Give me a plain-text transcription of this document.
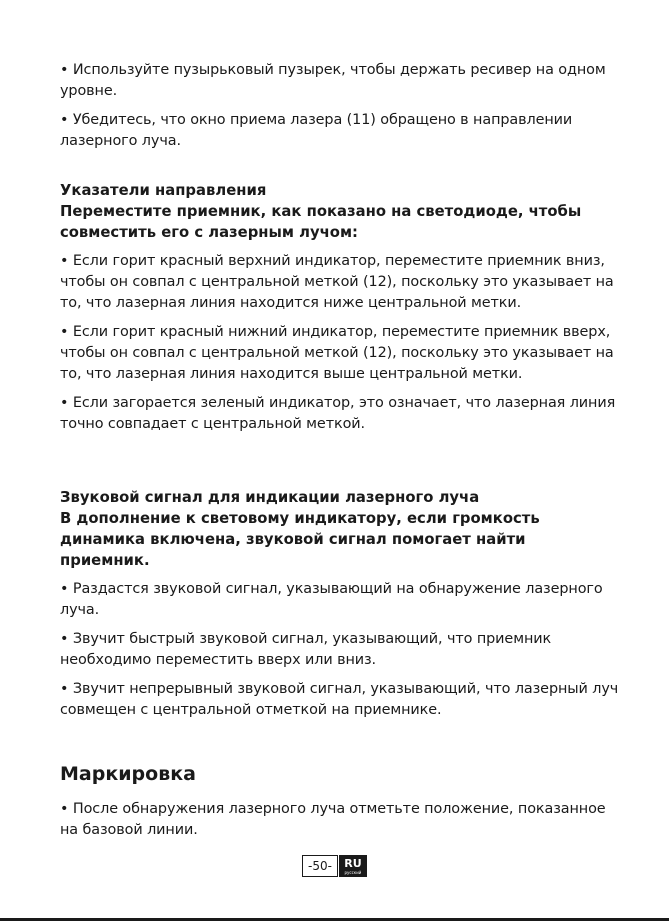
• Используйте пузырьковый пузырек, чтобы держать ресивер на одном уровне.

• Убедитесь, что окно приема лазера (11) обращено в направлении лазерного луча.

Указатели направления

Переместите приемник, как показано на светодиоде, чтобы совместить его с лазерным лучом:

• Если горит красный верхний индикатор, переместите приемник вниз, чтобы он совпал с центральной меткой (12), поскольку это указывает на то, что лазерная линия находится ниже центральной метки.

• Если горит красный нижний индикатор, переместите приемник вверх, чтобы он совпал с центральной меткой (12), поскольку это указывает на то, что лазерная линия находится выше центральной метки.

• Если загорается зеленый индикатор, это означает, что лазерная линия точно совпадает с центральной меткой.

Звуковой сигнал для индикации лазерного луча

В дополнение к световому индикатору, если громкость динамика включена, звуковой сигнал помогает найти приемник.

• Раздастся звуковой сигнал, указывающий на обнаружение лазерного луча.

• Звучит быстрый звуковой сигнал, указывающий, что приемник необходимо переместить вверх или вниз.

• Звучит непрерывный звуковой сигнал, указывающий, что лазерный луч совмещен с центральной отметкой на приемнике.

Маркировка

• После обнаружения лазерного луча отметьте положение, показанное на базовой линии.

-50-	RU
русский
